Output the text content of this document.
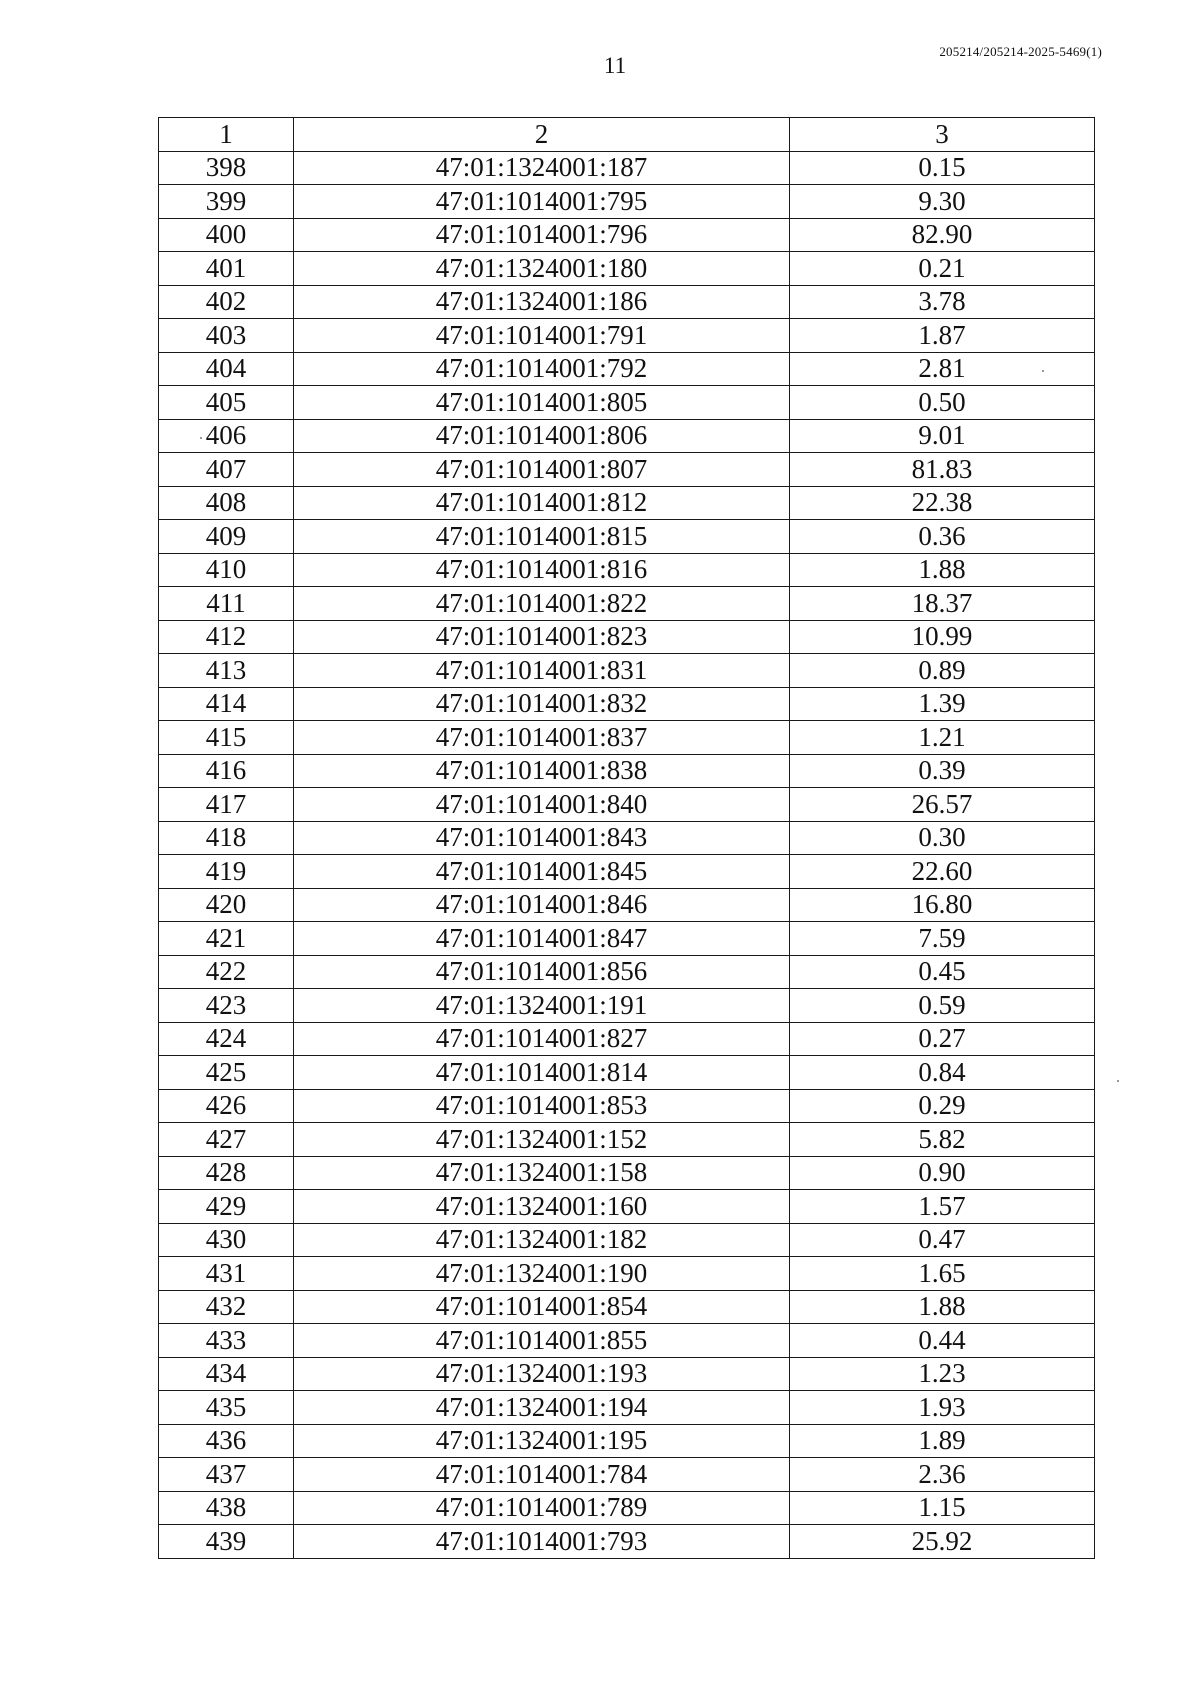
11
205214/205214-2025-5469(1)
1	2	3
398	47:01:1324001:187	0.15
399	47:01:1014001:795	9.30
400	47:01:1014001:796	82.90
401	47:01:1324001:180	0.21
402	47:01:1324001:186	3.78
403	47:01:1014001:791	1.87
404	47:01:1014001:792	2.81
405	47:01:1014001:805	0.50
406	47:01:1014001:806	9.01
407	47:01:1014001:807	81.83
408	47:01:1014001:812	22.38
409	47:01:1014001:815	0.36
410	47:01:1014001:816	1.88
411	47:01:1014001:822	18.37
412	47:01:1014001:823	10.99
413	47:01:1014001:831	0.89
414	47:01:1014001:832	1.39
415	47:01:1014001:837	1.21
416	47:01:1014001:838	0.39
417	47:01:1014001:840	26.57
418	47:01:1014001:843	0.30
419	47:01:1014001:845	22.60
420	47:01:1014001:846	16.80
421	47:01:1014001:847	7.59
422	47:01:1014001:856	0.45
423	47:01:1324001:191	0.59
424	47:01:1014001:827	0.27
425	47:01:1014001:814	0.84
426	47:01:1014001:853	0.29
427	47:01:1324001:152	5.82
428	47:01:1324001:158	0.90
429	47:01:1324001:160	1.57
430	47:01:1324001:182	0.47
431	47:01:1324001:190	1.65
432	47:01:1014001:854	1.88
433	47:01:1014001:855	0.44
434	47:01:1324001:193	1.23
435	47:01:1324001:194	1.93
436	47:01:1324001:195	1.89
437	47:01:1014001:784	2.36
438	47:01:1014001:789	1.15
439	47:01:1014001:793	25.92
